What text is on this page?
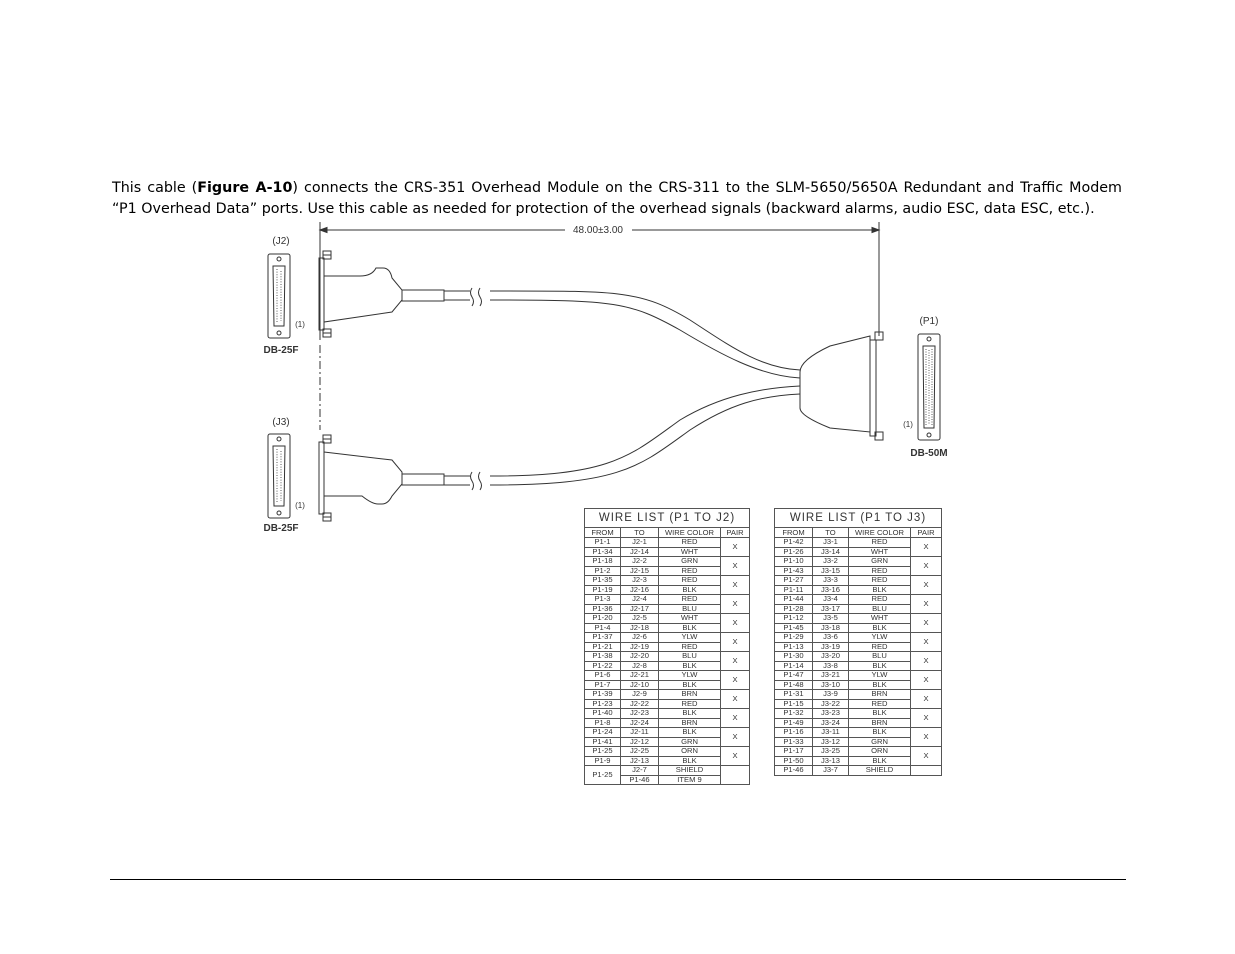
This cable (Figure A-10) connects the CRS-351 Overhead Module on the CRS-311 to the SLM-5650/5650A Redundant and Traffic Modem “P1 Overhead Data” ports. Use this cable as needed for protection of the overhead signals (backward alarms, audio ESC, data ESC, etc.).

48.00±3.00
(J2)
(1)
DB-25F
(J3)
(1)
DB-25F
(P1)
(1)
DB-50M
WIRE LIST (P1 TO J2)				
FROM	TO	WIRE COLOR	PAIR	
P1-1	J2-1	RED	X	
P1-34	J2-14	WHT		
P1-18	J2-2	GRN	X	
P1-2	J2-15	RED		
P1-35	J2-3	RED	X	
P1-19	J2-16	BLK		
P1-3	J2-4	RED	X	
P1-36	J2-17	BLU		
P1-20	J2-5	WHT	X	
P1-4	J2-18	BLK		
P1-37	J2-6	YLW	X	
P1-21	J2-19	RED		
P1-38	J2-20	BLU	X	
P1-22	J2-8	BLK		
P1-6	J2-21	YLW	X	
P1-7	J2-10	BLK		
P1-39	J2-9	BRN	X	
P1-23	J2-22	RED		
P1-40	J2-23	BLK	X	
P1-8	J2-24	BRN		
P1-24	J2-11	BLK	X	
P1-41	J2-12	GRN		
P1-25	J2-25	ORN	X	
P1-9	J2-13	BLK		
P1-25	J2-7	SHIELD		
	P1-46	ITEM 9		
WIRE LIST (P1 TO J3)			
FROM	TO	WIRE COLOR	PAIR
P1-42	J3-1	RED	X
P1-26	J3-14	WHT	
P1-10	J3-2	GRN	X
P1-43	J3-15	RED	
P1-27	J3-3	RED	X
P1-11	J3-16	BLK	
P1-44	J3-4	RED	X
P1-28	J3-17	BLU	
P1-12	J3-5	WHT	X
P1-45	J3-18	BLK	
P1-29	J3-6	YLW	X
P1-13	J3-19	RED	
P1-30	J3-20	BLU	X
P1-14	J3-8	BLK	
P1-47	J3-21	YLW	X
P1-48	J3-10	BLK	
P1-31	J3-9	BRN	X
P1-15	J3-22	RED	
P1-32	J3-23	BLK	X
P1-49	J3-24	BRN	
P1-16	J3-11	BLK	X
P1-33	J3-12	GRN	
P1-17	J3-25	ORN	X
P1-50	J3-13	BLK	
P1-46	J3-7	SHIELD	
